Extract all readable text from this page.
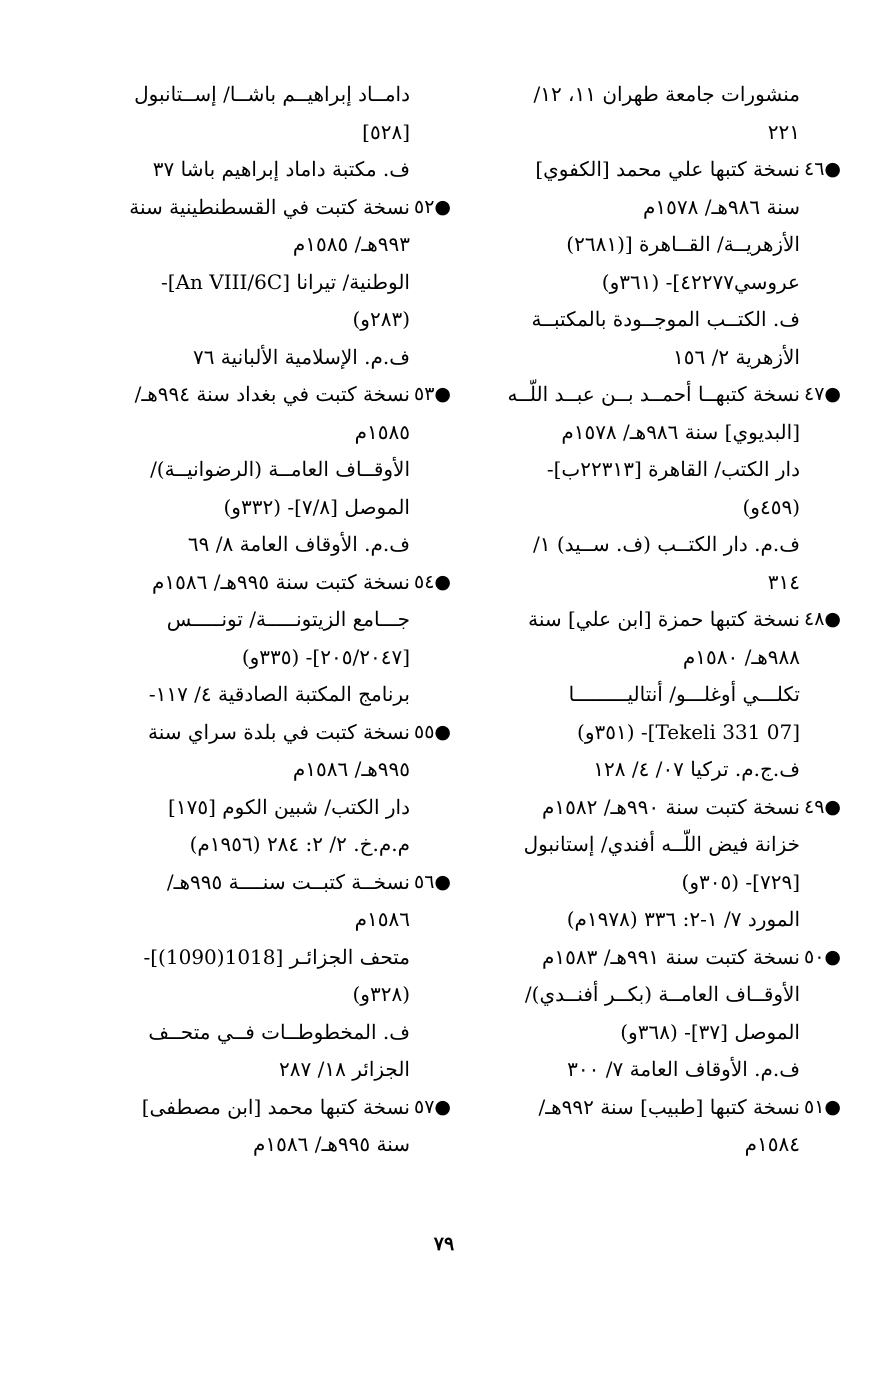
منشورات جامعة طهران ١١، ١٢/
٢٢١
نسخة كتبها علي محمد [الكفوي] ٤٦●
سنة ٩٨٦هـ/ ١٥٧٨م
الأزهريــة/ القــاهرة [(٢٦٨١)
عروسي٤٢٢٧٧]- (٣٦١و)
ف. الكتــب الموجــودة بالمكتبــة
الأزهرية ٢/ ١٥٦
نسخة كتبهــا أحمــد بــن عبــد اللّــه ٤٧●
[البديوي] سنة ٩٨٦هـ/ ١٥٧٨م
دار الكتب/ القاهرة [٢٢٣١٣ب]-
(٤٥٩و)
ف.م. دار الكتــب (ف. ســيد) ١/
٣١٤
نسخة كتبها حمزة [ابن علي] سنة ٤٨●
٩٨٨هـ/ ١٥٨٠م
تكلـــي أوغلـــو/ أنتاليـــــــــا
[07 Tekeli 331]- (٣٥١و)
ف.ج.م. تركيا ٠٧/ ٤/ ١٢٨
نسخة كتبت سنة ٩٩٠هـ/ ١٥٨٢م ٤٩●
خزانة فيض اللّــه أفندي/ إستانبول
[٧٢٩]- (٣٠٥و)
المورد ٧/ ١-٢: ٣٣٦ (١٩٧٨م)
نسخة كتبت سنة ٩٩١هـ/ ١٥٨٣م ٥٠●
الأوقــاف العامــة (بكــر أفنــدي)/
الموصل [٣٧]- (٣٦٨و)
ف.م. الأوقاف العامة ٧/ ٣٠٠
نسخة كتبها [طبيب] سنة ٩٩٢هـ/ ٥١●
١٥٨٤م
دامــاد إبراهيــم باشــا/ إســتانبول
[٥٢٨]
ف. مكتبة داماد إبراهيم باشا ٣٧
نسخة كتبت في القسطنطينية سنة ٥٢●
٩٩٣هـ/ ١٥٨٥م
الوطنية/ تيرانا [An VIII/6C]-
(٢٨٣و)
ف.م. الإسلامية الألبانية ٧٦
نسخة كتبت في بغداد سنة ٩٩٤هـ/ ٥٣●
١٥٨٥م
الأوقــاف العامــة (الرضوانيــة)/
الموصل [٧/٨]- (٣٣٢و)
ف.م. الأوقاف العامة ٨/ ٦٩
نسخة كتبت سنة ٩٩٥هـ/ ١٥٨٦م ٥٤●
جـــامع الزيتونـــــة/ تونـــــس
[٢٠٥/٢٠٤٧]- (٣٣٥و)
برنامج المكتبة الصادقية ٤/ ١١٧-
نسخة كتبت في بلدة سراي سنة ٥٥●
٩٩٥هـ/ ١٥٨٦م
دار الكتب/ شبين الكوم [١٧٥]
م.م.خ. ٢/ ٢: ٢٨٤ (١٩٥٦م)
نسخــة كتبــت سنــــة ٩٩٥هـ/ ٥٦●
١٥٨٦م
متحف الجزائـر [1018(1090)]-
(٣٢٨و)
ف. المخطوطــات فــي متحــف
الجزائر ١٨/ ٢٨٧
نسخة كتبها محمد [ابن مصطفى] ٥٧●
سنة ٩٩٥هـ/ ١٥٨٦م
٧٩
